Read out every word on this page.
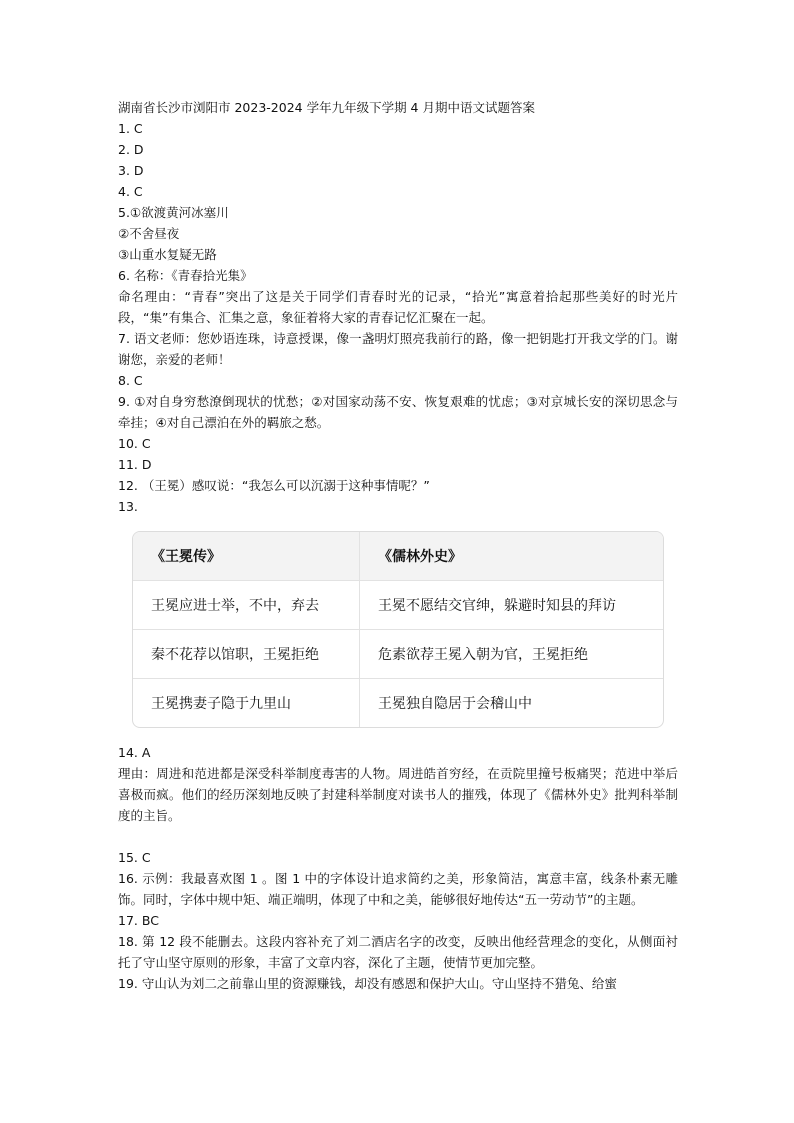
湖南省长沙市浏阳市 2023-2024 学年九年级下学期 4 月期中语文试题答案
1. C
2. D
3. D
4. C
5.①欲渡黄河冰塞川
②不舍昼夜
③山重水复疑无路
6. 名称：《青春拾光集》
命名理由：“青春”突出了这是关于同学们青春时光的记录，“拾光”寓意着拾起那些美好的时光片段，“集”有集合、汇集之意，象征着将大家的青春记忆汇聚在一起。
7. 语文老师：您妙语连珠，诗意授课，像一盏明灯照亮我前行的路，像一把钥匙打开我文学的门。谢谢您，亲爱的老师！
8. C
9. ①对自身穷愁潦倒现状的忧愁；②对国家动荡不安、恢复艰难的忧虑；③对京城长安的深切思念与牵挂；④对自己漂泊在外的羁旅之愁。
10. C
11. D
12. （王冕）感叹说：“我怎么可以沉溺于这种事情呢？”
13.
《王冕传》	《儒林外史》
王冕应进士举，不中，弃去	王冕不愿结交官绅，躲避时知县的拜访
秦不花荐以馆职，王冕拒绝	危素欲荐王冕入朝为官，王冕拒绝
王冕携妻子隐于九里山	王冕独自隐居于会稽山中
14. A
理由：周进和范进都是深受科举制度毒害的人物。周进皓首穷经，在贡院里撞号板痛哭；范进中举后喜极而疯。他们的经历深刻地反映了封建科举制度对读书人的摧残，体现了《儒林外史》批判科举制度的主旨。
15. C
16. 示例：我最喜欢图 1 。图 1 中的字体设计追求简约之美，形象简洁，寓意丰富，线条朴素无雕饰。同时，字体中规中矩、端正端明，体现了中和之美，能够很好地传达“五一劳动节”的主题。
17. BC
18. 第 12 段不能删去。这段内容补充了刘二酒店名字的改变，反映出他经营理念的变化，从侧面衬托了守山坚守原则的形象，丰富了文章内容，深化了主题，使情节更加完整。
19. 守山认为刘二之前靠山里的资源赚钱，却没有感恩和保护大山。守山坚持不猎兔、给蜜
